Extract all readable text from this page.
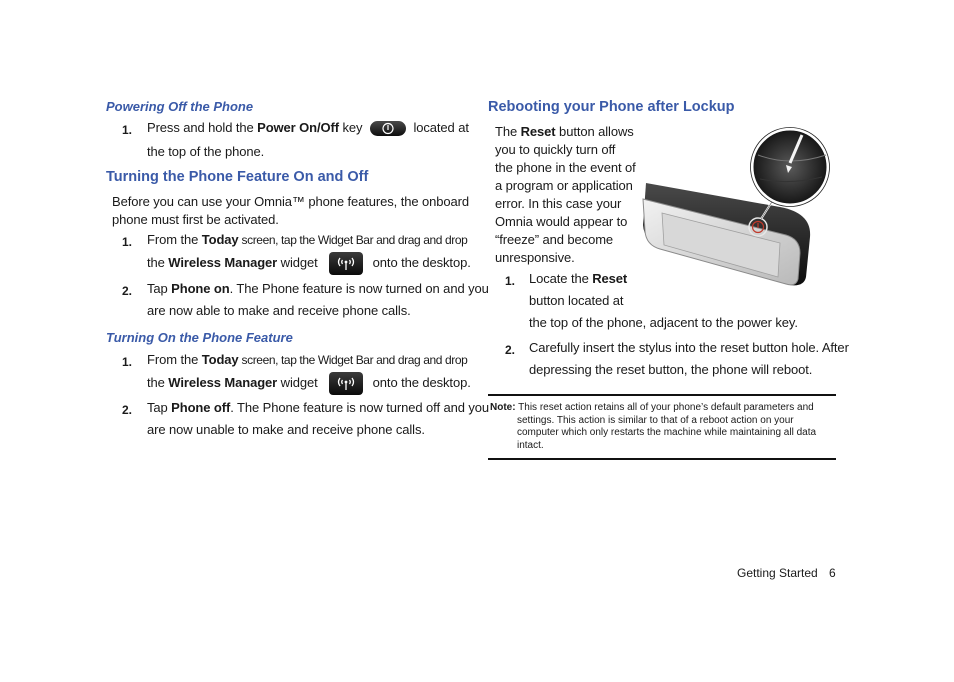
Powering Off the Phone
1. Press and hold the Power On/Off key	located at
the top of the phone.
Turning the Phone Feature On and Off
Before you can use your Omnia™ phone features, the onboard
phone must first be activated.
1. From the Today screen, tap the Widget Bar and drag and drop
the Wireless Manager widget	onto the desktop.
2. Tap Phone on. The Phone feature is now turned on and you
are now able to make and receive phone calls.
Turning On the Phone Feature
1. From the Today screen, tap the Widget Bar and drag and drop
the Wireless Manager widget	onto the desktop.
2. Tap Phone off. The Phone feature is now turned off and you
are now unable to make and receive phone calls.
Rebooting your Phone after Lockup
The Reset button allows
you to quickly turn off
the phone in the event of
a program or application
error. In this case your
Omnia would appear to
“freeze” and become
unresponsive.
1. Locate the Reset
button located at
the top of the phone, adjacent to the power key.
2. Carefully insert the stylus into the reset button hole. After
depressing the reset button, the phone will reboot.
Note: This reset action retains all of your phone’s default parameters and
settings. This action is similar to that of a reboot action on your
computer which only restarts the machine while maintaining all data
intact.
Getting Started 6
